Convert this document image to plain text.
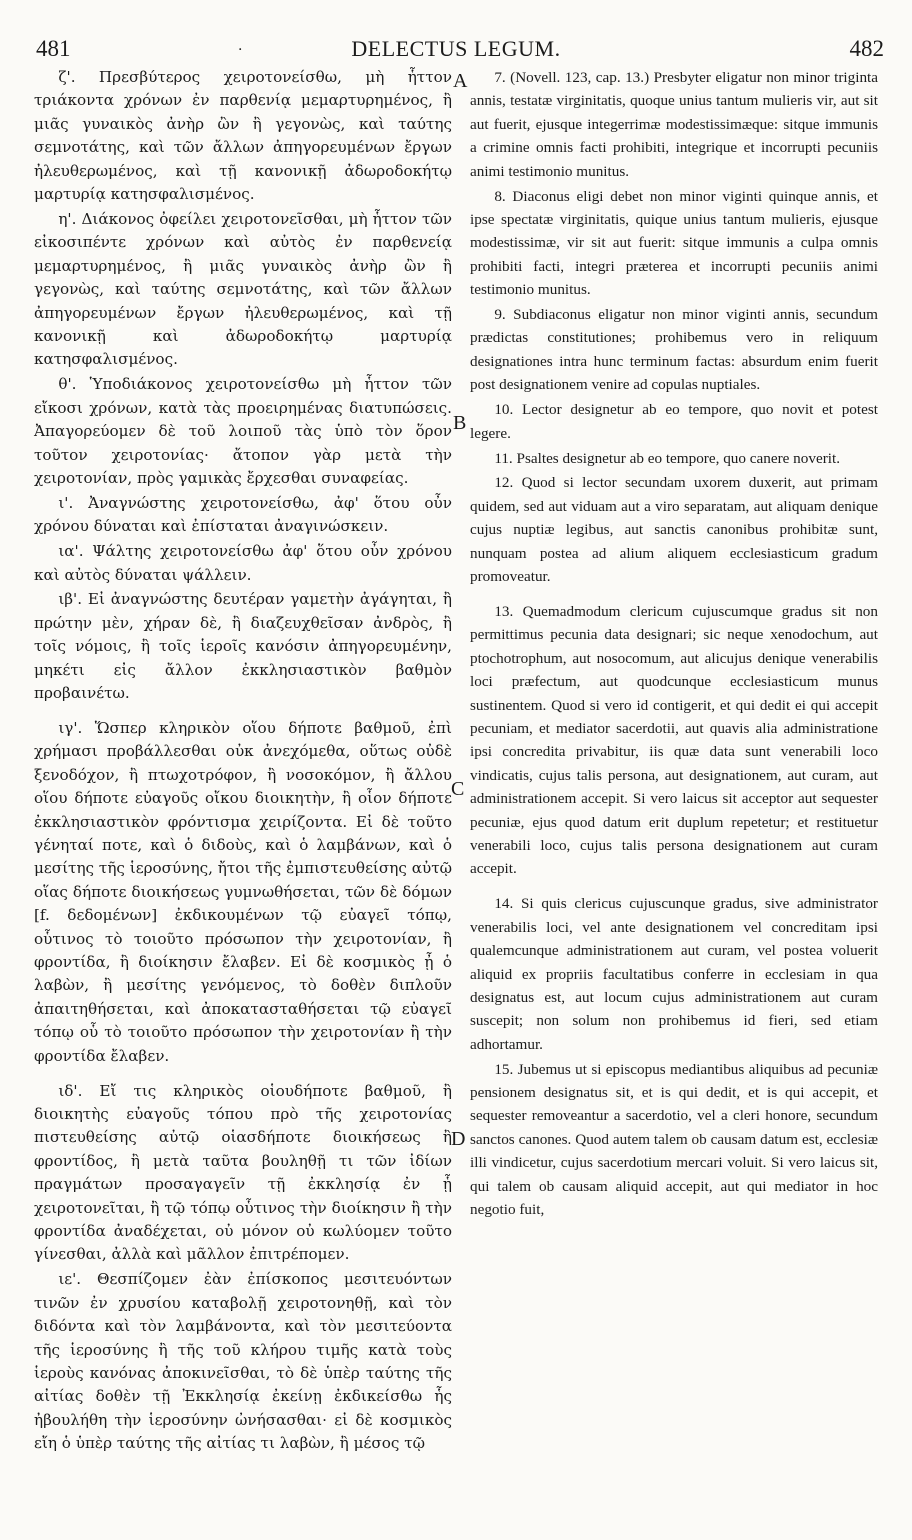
481	·	DELECTUS LEGUM.	482
A
B
C
D

ζ'. Πρεσβύτερος χειροτονείσθω, μὴ ἧττον τριάκοντα χρόνων ἐν παρθενίᾳ μεμαρτυρημένος, ἢ μιᾶς γυναικὸς ἀνὴρ ὢν ἢ γεγονὼς, καὶ ταύτης σεμνοτάτης, καὶ τῶν ἄλλων ἀπηγορευμένων ἔργων ἠλευθερωμένος, καὶ τῇ κανονικῇ ἀδωροδοκήτῳ μαρτυρίᾳ κατησφαλισμένος.

η'. Διάκονος ὀφείλει χειροτονεῖσθαι, μὴ ἧττον τῶν εἰκοσιπέντε χρόνων καὶ αὐτὸς ἐν παρθενείᾳ μεμαρτυρημένος, ἢ μιᾶς γυναικὸς ἀνὴρ ὢν ἢ γεγονὼς, καὶ ταύτης σεμνοτάτης, καὶ τῶν ἄλλων ἀπηγορευμένων ἔργων ἠλευθερωμένος, καὶ τῇ κανονικῇ καὶ ἀδωροδοκήτῳ μαρτυρίᾳ κατησφαλισμένος.

θ'. Ὑποδιάκονος χειροτονείσθω μὴ ἧττον τῶν εἴκοσι χρόνων, κατὰ τὰς προειρημένας διατυπώσεις. Ἀπαγορεύομεν δὲ τοῦ λοιποῦ τὰς ὑπὸ τὸν ὅρον τοῦτον χειροτονίας· ἄτοπον γὰρ μετὰ τὴν χειροτονίαν, πρὸς γαμικὰς ἔρχεσθαι συναφείας.

ι'. Ἀναγνώστης χειροτονείσθω, ἀφ' ὅτου οὖν χρόνου δύναται καὶ ἐπίσταται ἀναγινώσκειν.

ια'. Ψάλτης χειροτονείσθω ἀφ' ὅτου οὖν χρόνου καὶ αὐτὸς δύναται ψάλλειν.

ιβ'. Εἰ ἀναγνώστης δευτέραν γαμετὴν ἀγάγηται, ἢ πρώτην μὲν, χήραν δὲ, ἢ διαζευχθεῖσαν ἀνδρὸς, ἢ τοῖς νόμοις, ἢ τοῖς ἱεροῖς κανόσιν ἀπηγορευμένην, μηκέτι εἰς ἄλλον ἐκκλησιαστικὸν βαθμὸν προβαινέτω.

ιγ'. Ὥσπερ κληρικὸν οἵου δήποτε βαθμοῦ, ἐπὶ χρήμασι προβάλλεσθαι οὐκ ἀνεχόμεθα, οὕτως οὐδὲ ξενοδόχον, ἢ πτωχοτρόφον, ἢ νοσοκόμον, ἢ ἄλλου οἵου δήποτε εὐαγοῦς οἴκου διοικητὴν, ἢ οἷον δήποτε ἐκκλησιαστικὸν φρόντισμα χειρίζοντα. Εἰ δὲ τοῦτο γένηταί ποτε, καὶ ὁ διδοὺς, καὶ ὁ λαμβάνων, καὶ ὁ μεσίτης τῆς ἱεροσύνης, ἤτοι τῆς ἐμπιστευθείσης αὐτῷ οἵας δήποτε διοικήσεως γυμνωθήσεται, τῶν δὲ δόμων [f. δεδομένων] ἐκδικουμένων τῷ εὐαγεῖ τόπῳ, οὗτινος τὸ τοιοῦτο πρόσωπον τὴν χειροτονίαν, ἢ φροντίδα, ἢ διοίκησιν ἔλαβεν. Εἰ δὲ κοσμικὸς ᾖ ὁ λαβὼν, ἢ μεσίτης γενόμενος, τὸ δοθὲν διπλοῦν ἀπαιτηθήσεται, καὶ ἀποκατασταθήσεται τῷ εὐαγεῖ τόπῳ οὗ τὸ τοιοῦτο πρόσωπον τὴν χειροτονίαν ἢ τὴν φροντίδα ἔλαβεν.

ιδ'. Εἴ τις κληρικὸς οἱουδήποτε βαθμοῦ, ἢ διοικητὴς εὐαγοῦς τόπου πρὸ τῆς χειροτονίας πιστευθείσης αὐτῷ οἱασδήποτε διοικήσεως ἢ φροντίδος, ἢ μετὰ ταῦτα βουληθῇ τι τῶν ἰδίων πραγμάτων προσαγαγεῖν τῇ ἐκκλησίᾳ ἐν ᾗ χειροτονεῖται, ἢ τῷ τόπῳ οὗτινος τὴν διοίκησιν ἢ τὴν φροντίδα ἀναδέχεται, οὐ μόνον οὐ κωλύομεν τοῦτο γίνεσθαι, ἀλλὰ καὶ μᾶλλον ἐπιτρέπομεν.

ιε'. Θεσπίζομεν ἐὰν ἐπίσκοπος μεσιτευόντων τινῶν ἐν χρυσίου καταβολῇ χειροτονηθῇ, καὶ τὸν διδόντα καὶ τὸν λαμβάνοντα, καὶ τὸν μεσιτεύοντα τῆς ἱεροσύνης ἢ τῆς τοῦ κλήρου τιμῆς κατὰ τοὺς ἱεροὺς κανόνας ἀποκινεῖσθαι, τὸ δὲ ὑπὲρ ταύτης τῆς αἰτίας δοθὲν τῇ Ἐκκλησίᾳ ἐκείνῃ ἐκδικείσθω ἧς ἠβουλήθη τὴν ἱεροσύνην ὠνήσασθαι· εἰ δὲ κοσμικὸς εἴη ὁ ὑπὲρ ταύτης τῆς αἰτίας τι λαβὼν, ἢ μέσος τῷ

7. (Novell. 123, cap. 13.) Presbyter eligatur non minor triginta annis, testatæ virginitatis, quoque unius tantum mulieris vir, aut sit aut fuerit, ejusque integerrimæ modestissimæque: sitque immunis a crimine omnis facti prohibiti, integrique et incorrupti pecuniis animi testimonio munitus.

8. Diaconus eligi debet non minor viginti quinque annis, et ipse spectatæ virginitatis, quique unius tantum mulieris, ejusque modestissimæ, vir sit aut fuerit: sitque immunis a culpa omnis prohibiti facti, integri præterea et incorrupti pecuniis animi testimonio munitus.

9. Subdiaconus eligatur non minor viginti annis, secundum prædictas constitutiones; prohibemus vero in reliquum designationes intra hunc terminum factas: absurdum enim fuerit post designationem venire ad copulas nuptiales.

10. Lector designetur ab eo tempore, quo novit et potest legere.

11. Psaltes designetur ab eo tempore, quo canere noverit.

12. Quod si lector secundam uxorem duxerit, aut primam quidem, sed aut viduam aut a viro separatam, aut aliquam denique cujus nuptiæ legibus, aut sanctis canonibus prohibitæ sunt, nunquam postea ad alium aliquem ecclesiasticum gradum promoveatur.

13. Quemadmodum clericum cujuscumque gradus sit non permittimus pecunia data designari; sic neque xenodochum, aut ptochotrophum, aut nosocomum, aut alicujus denique venerabilis loci præfectum, aut quodcunque ecclesiasticum munus sustinentem. Quod si vero id contigerit, et qui dedit ei qui accepit pecuniam, et mediator sacerdotii, aut quavis alia administratione ipsi concredita privabitur, iis quæ data sunt venerabili loco vindicatis, cujus talis persona, aut designationem, aut curam, aut administrationem accepit. Si vero laicus sit acceptor aut sequester pecuniæ, ejus quod datum erit duplum repetetur; et restituetur venerabili loco, cujus talis persona designationem aut curam accepit.

14. Si quis clericus cujuscunque gradus, sive administrator venerabilis loci, vel ante designationem vel concreditam ipsi qualemcunque administrationem aut curam, vel postea voluerit aliquid ex propriis facultatibus conferre in ecclesiam in qua designatus est, aut locum cujus administrationem aut curam suscepit; non solum non prohibemus id fieri, sed etiam adhortamur.

15. Jubemus ut si episcopus mediantibus aliquibus ad pecuniæ pensionem designatus sit, et is qui dedit, et is qui accepit, et sequester removeantur a sacerdotio, vel a cleri honore, secundum sanctos canones. Quod autem talem ob causam datum est, ecclesiæ illi vindicetur, cujus sacerdotium mercari voluit. Si vero laicus sit, qui talem ob causam aliquid accepit, aut qui mediator in hoc negotio fuit,
